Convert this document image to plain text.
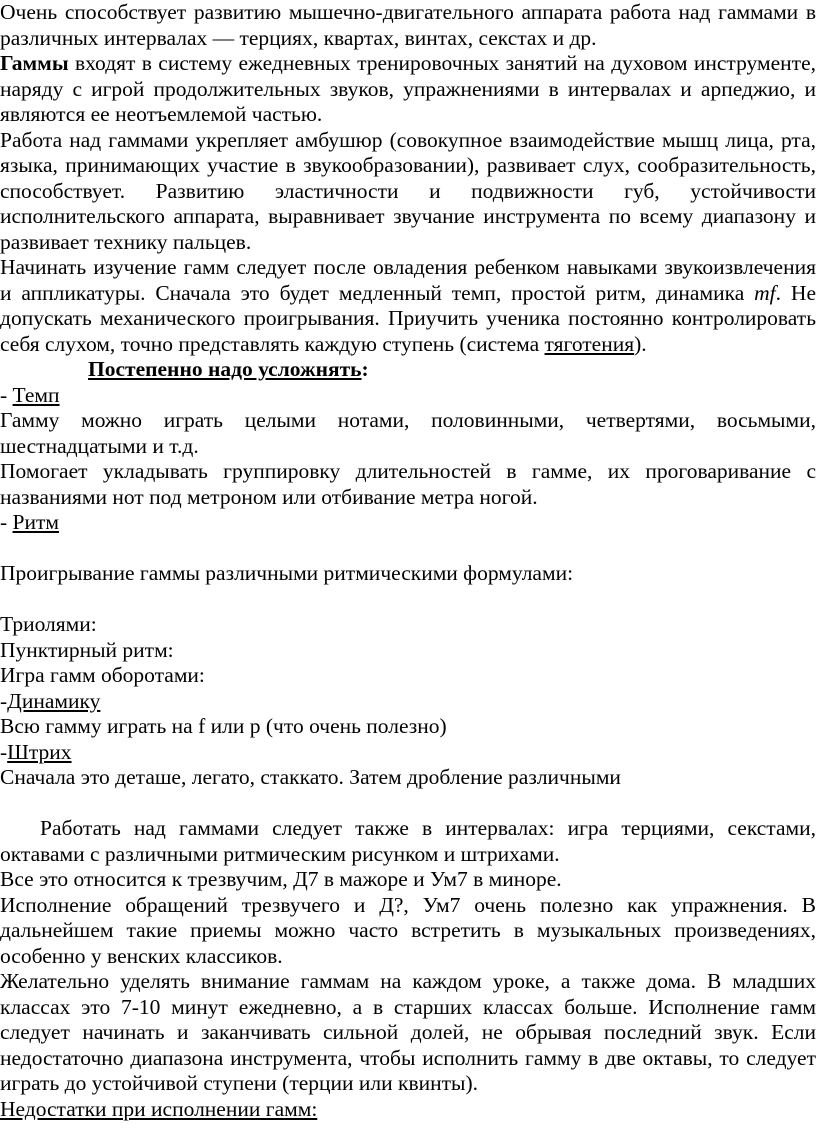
Очень способствует развитию мышечно-двигательного аппарата работа над гаммами в различных интервалах — терциях, квартах, винтах, секстах и др.

Гаммы входят в систему ежедневных тренировочных занятий на духовом инструменте, наряду с игрой продолжительных звуков, упражнениями в интервалах и арпеджио, и являются ее неотъемлемой частью.

Работа над гаммами укрепляет амбушюр (совокупное взаимодействие мышц лица, рта, языка, принимающих участие в звукообразовании), развивает слух, сообразительность, способствует. Развитию эластичности и подвижности губ, устойчивости исполнительского аппарата, выравнивает звучание инструмента по всему диапазону и развивает технику пальцев.

Начинать изучение гамм следует после овладения ребенком навыками звукоизвлечения и аппликатуры. Сначала это будет медленный темп, простой ритм, динамика mf. Не допускать механического проигрывания. Приучить ученика постоянно контролировать себя слухом, точно представлять каждую ступень (система тяготения).

Постепенно надо усложнять:

- Темп

Гамму можно играть целыми нотами, половинными, четвертями, восьмыми, шестнадцатыми и т.д.

Помогает укладывать группировку длительностей в гамме, их проговаривание с названиями нот под метроном или отбивание метра ногой.

- Ритм

Проигрывание гаммы различными ритмическими формулами:

Триолями:

Пунктирный ритм:

Игра гамм оборотами:

-Динамику

Всю гамму играть на f или p (что очень полезно)

-Штрих

Сначала это деташе, легато, стаккато. Затем дробление различными

Работать над гаммами следует также в интервалах: игра терциями, секстами, октавами с различными ритмическим рисунком и штрихами.

Все это относится к трезвучим, Д7 в мажоре и Ум7 в миноре.

Исполнение обращений трезвучего и Д?, Ум7 очень полезно как упражнения. В дальнейшем такие приемы можно часто встретить в музыкальных произведениях, особенно у венских классиков.

Желательно уделять внимание гаммам на каждом уроке, а также дома. В младших классах это 7-10 минут ежедневно, а в старших классах больше. Исполнение гамм следует начинать и заканчивать сильной долей, не обрывая последний звук. Если недостаточно диапазона инструмента, чтобы исполнить гамму в две октавы, то следует играть до устойчивой ступени (терции или квинты).

Недостатки при исполнении гамм:
